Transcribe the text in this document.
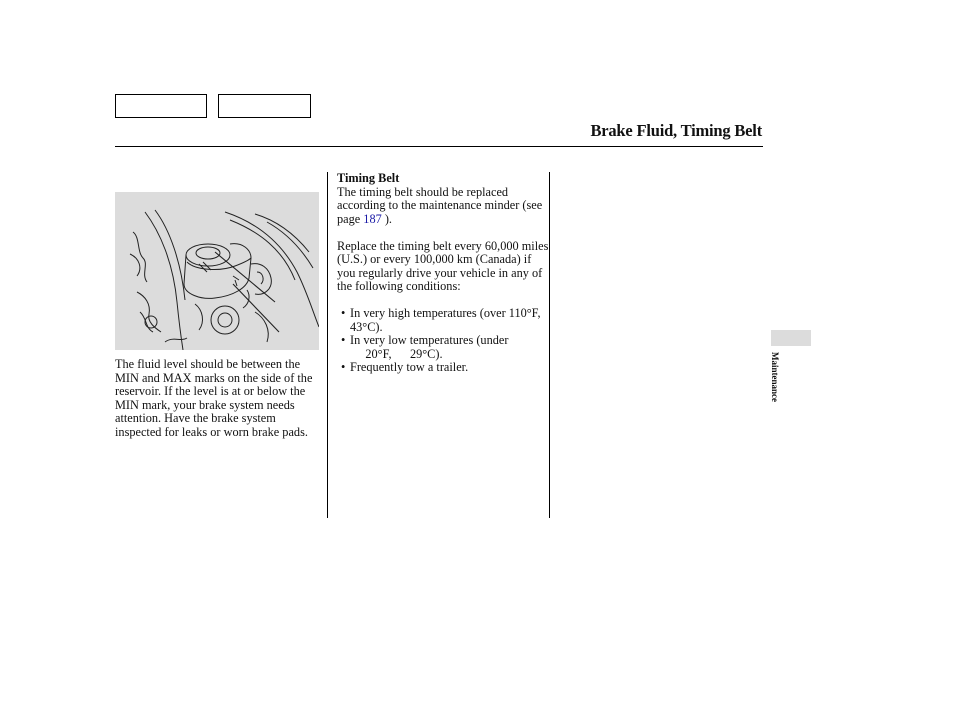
Brake Fluid, Timing Belt

The fluid level should be between the MIN and MAX marks on the side of the reservoir. If the level is at or below the MIN mark, your brake system needs attention. Have the brake system inspected for leaks or worn brake pads.

Timing Belt

The timing belt should be replaced according to the maintenance minder (see page 187 ).

Replace the timing belt every 60,000 miles (U.S.) or every 100,000 km (Canada) if you regularly drive your vehicle in any of the following conditions:

• In very high temperatures (over 110°F, 43°C).
• In very low temperatures (under      20°F,      29°C).
• Frequently tow a trailer.	Maintenance
